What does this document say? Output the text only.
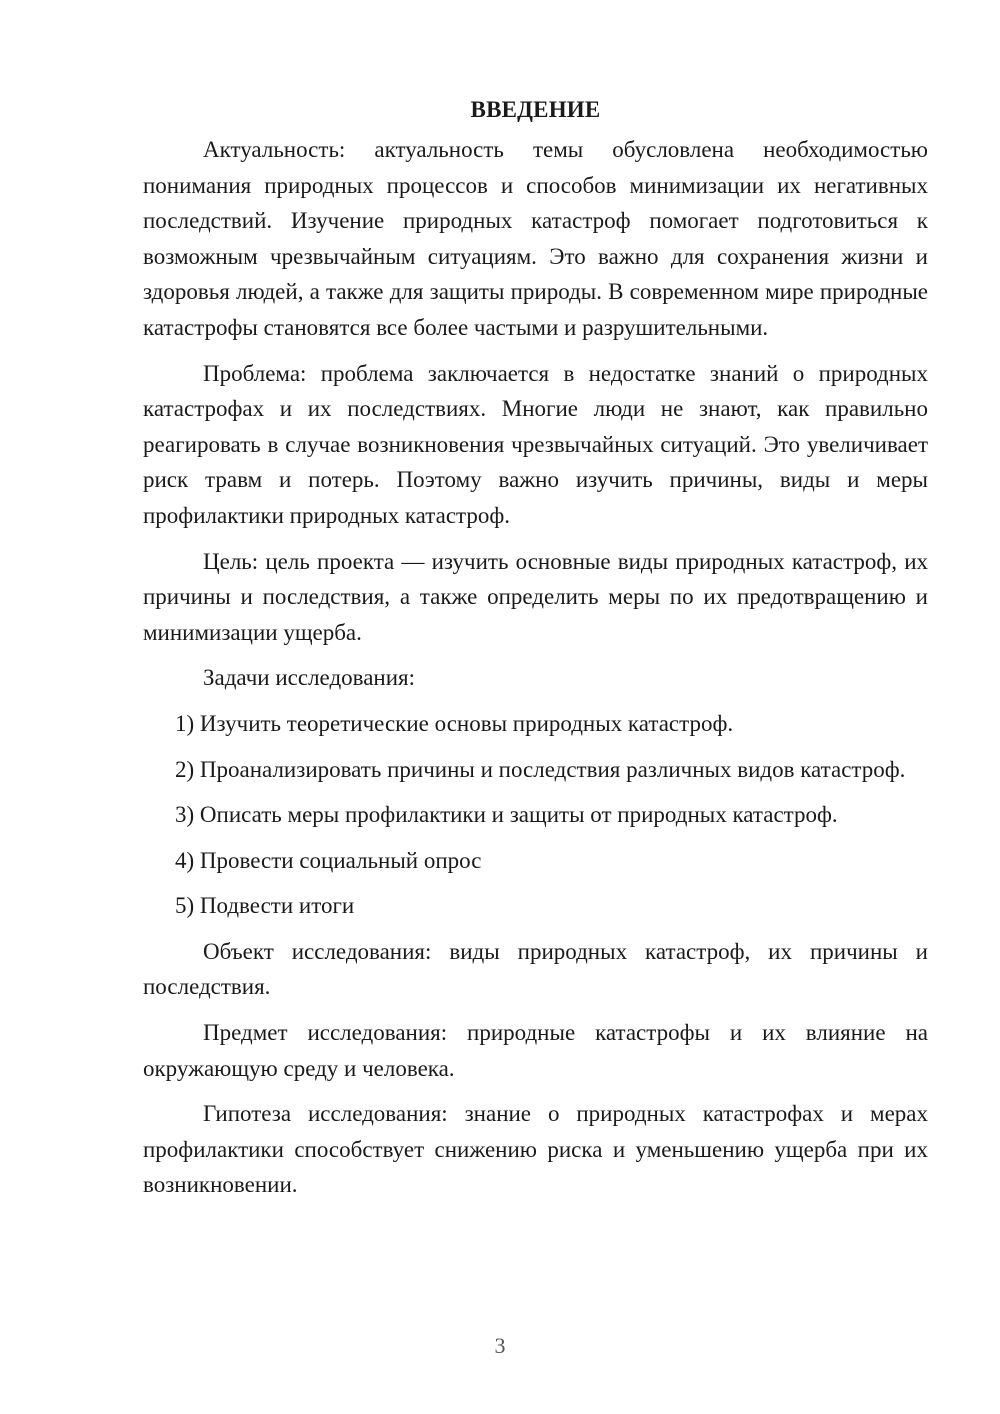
ВВЕДЕНИЕ

Актуальность: актуальность темы обусловлена необходимостью понимания природных процессов и способов минимизации их негативных последствий. Изучение природных катастроф помогает подготовиться к возможным чрезвычайным ситуациям. Это важно для сохранения жизни и здоровья людей, а также для защиты природы. В современном мире природные катастрофы становятся все более частыми и разрушительными.

Проблема: проблема заключается в недостатке знаний о природных катастрофах и их последствиях. Многие люди не знают, как правильно реагировать в случае возникновения чрезвычайных ситуаций. Это увеличивает риск травм и потерь. Поэтому важно изучить причины, виды и меры профилактики природных катастроф.

Цель: цель проекта — изучить основные виды природных катастроф, их причины и последствия, а также определить меры по их предотвращению и минимизации ущерба.

Задачи исследования:

1) Изучить теоретические основы природных катастроф.

2) Проанализировать причины и последствия различных видов катастроф.

3) Описать меры профилактики и защиты от природных катастроф.

4) Провести социальный опрос

5) Подвести итоги

Объект исследования: виды природных катастроф, их причины и последствия.

Предмет исследования: природные катастрофы и их влияние на окружающую среду и человека.

Гипотеза исследования: знание о природных катастрофах и мерах профилактики способствует снижению риска и уменьшению ущерба при их возникновении.

3
